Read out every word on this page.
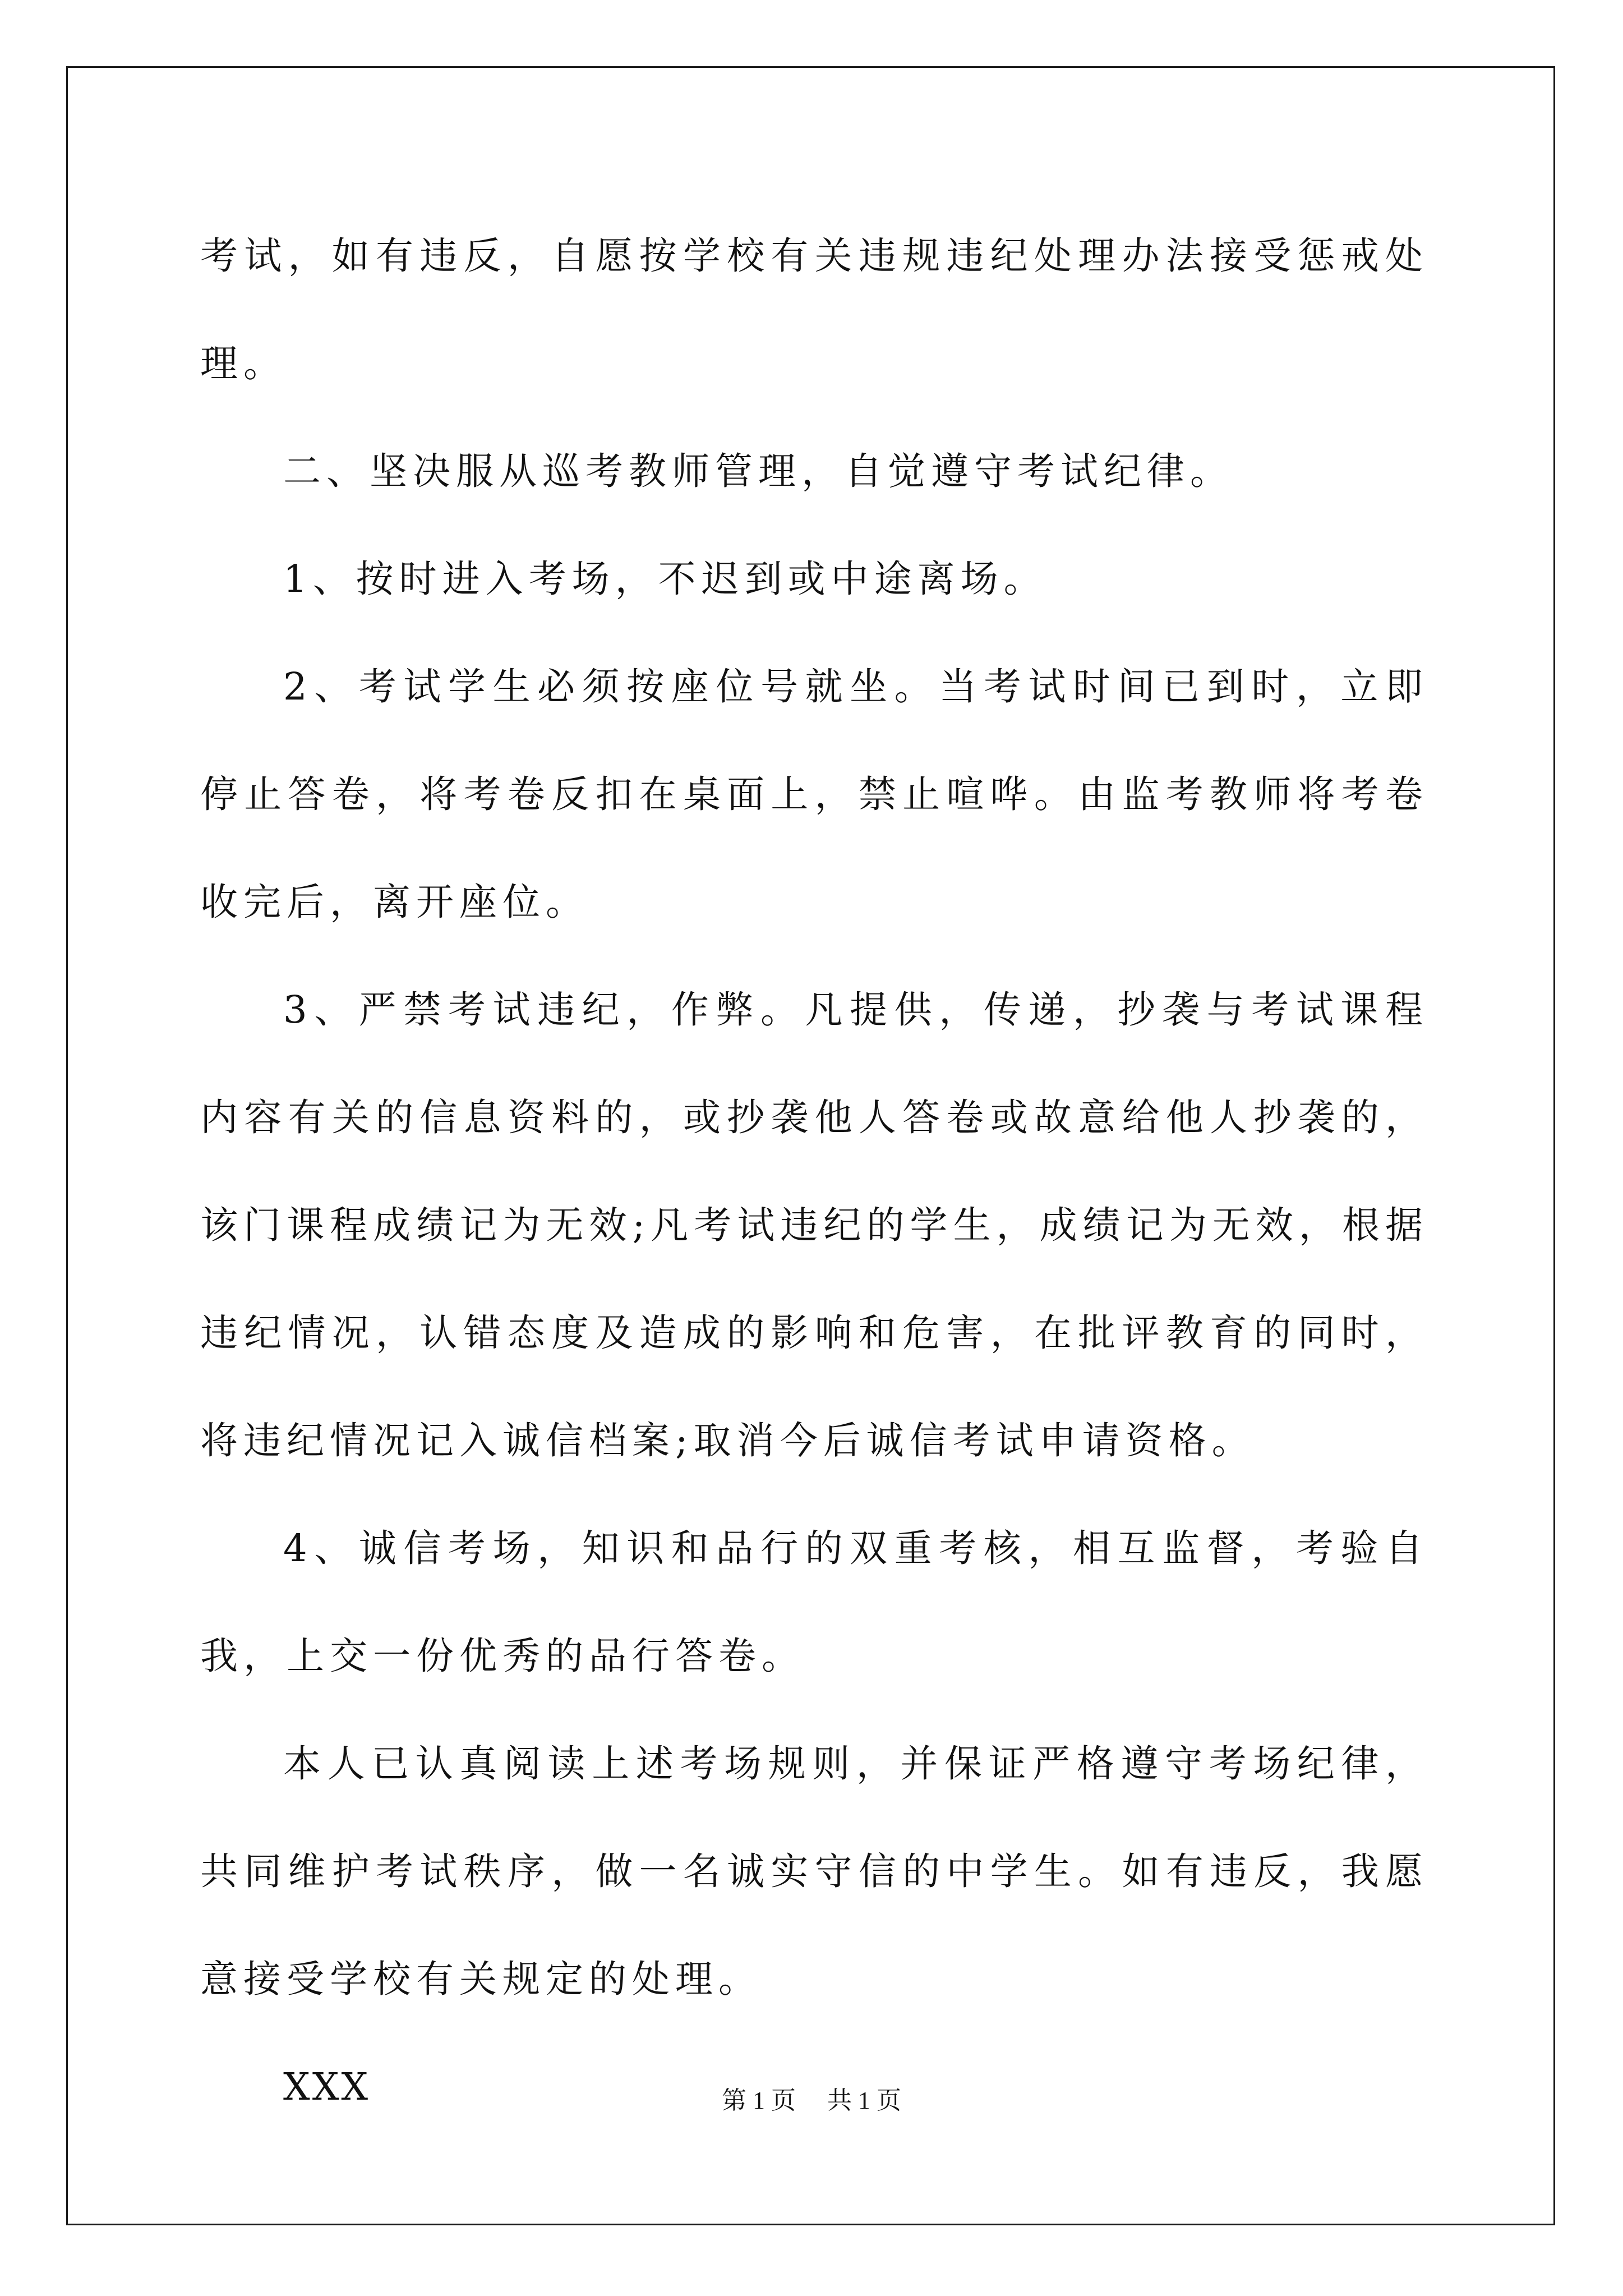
考试，如有违反，自愿按学校有关违规违纪处理办法接受惩戒处理。

二、坚决服从巡考教师管理，自觉遵守考试纪律。

1、按时进入考场，不迟到或中途离场。

2、考试学生必须按座位号就坐。当考试时间已到时，立即停止答卷，将考卷反扣在桌面上，禁止喧哗。由监考教师将考卷收完后，离开座位。

3、严禁考试违纪，作弊。凡提供，传递，抄袭与考试课程内容有关的信息资料的，或抄袭他人答卷或故意给他人抄袭的，该门课程成绩记为无效;凡考试违纪的学生，成绩记为无效，根据违纪情况，认错态度及造成的影响和危害，在批评教育的同时，将违纪情况记入诚信档案;取消今后诚信考试申请资格。

4、诚信考场，知识和品行的双重考核，相互监督，考验自我，上交一份优秀的品行答卷。

本人已认真阅读上述考场规则，并保证严格遵守考场纪律，共同维护考试秩序，做一名诚实守信的中学生。如有违反，我愿意接受学校有关规定的处理。

XXX	第 1 页 共 1 页
